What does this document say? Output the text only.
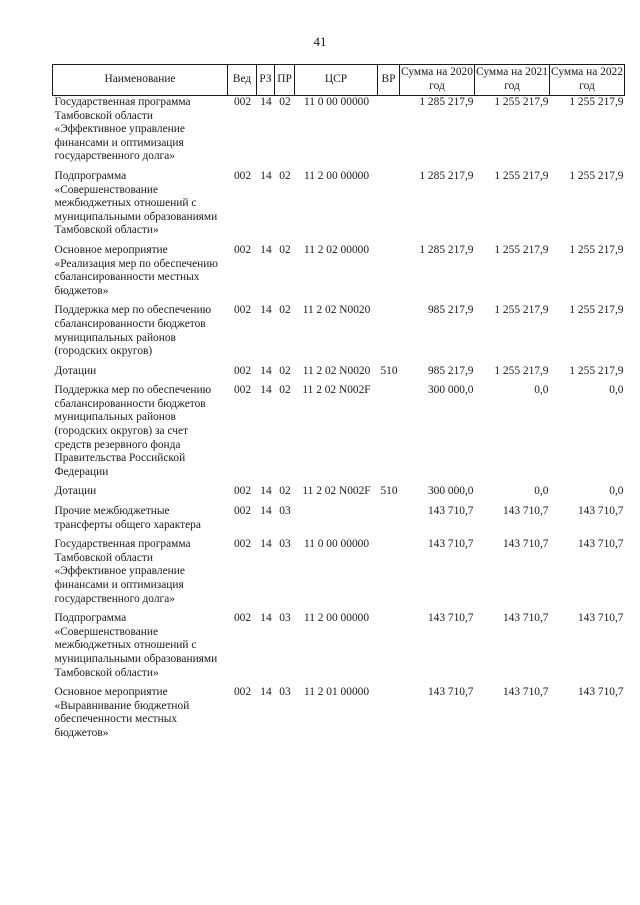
41
Наименование	Вед	РЗ	ПР	ЦСР	ВР	Сумма на 2020 год	Сумма на 2021 год	Сумма на 2022 год
Государственная программа Тамбовской области «Эффективное управление финансами и оптимизация государственного долга»	002	14	02	11 0 00 00000		1 285 217,9	1 255 217,9	1 255 217,9
Подпрограмма «Совершенствование межбюджетных отношений с муниципальными образованиями Тамбовской области»	002	14	02	11 2 00 00000		1 285 217,9	1 255 217,9	1 255 217,9
Основное мероприятие «Реализация мер по обеспечению сбалансированности местных бюджетов»	002	14	02	11 2 02 00000		1 285 217,9	1 255 217,9	1 255 217,9
Поддержка мер по обеспечению сбалансированности бюджетов муниципальных районов (городских округов)	002	14	02	11 2 02 N0020		985 217,9	1 255 217,9	1 255 217,9
Дотации	002	14	02	11 2 02 N0020	510	985 217,9	1 255 217,9	1 255 217,9
Поддержка мер по обеспечению сбалансированности бюджетов муниципальных районов (городских округов) за счет средств резервного фонда Правительства Российской Федерации	002	14	02	11 2 02 N002F		300 000,0	0,0	0,0
Дотации	002	14	02	11 2 02 N002F	510	300 000,0	0,0	0,0
Прочие межбюджетные трансферты общего характера	002	14	03			143 710,7	143 710,7	143 710,7
Государственная программа Тамбовской области «Эффективное управление финансами и оптимизация государственного долга»	002	14	03	11 0 00 00000		143 710,7	143 710,7	143 710,7
Подпрограмма «Совершенствование межбюджетных отношений с муниципальными образованиями Тамбовской области»	002	14	03	11 2 00 00000		143 710,7	143 710,7	143 710,7
Основное мероприятие «Выравнивание бюджетной обеспеченности местных бюджетов»	002	14	03	11 2 01 00000		143 710,7	143 710,7	143 710,7
